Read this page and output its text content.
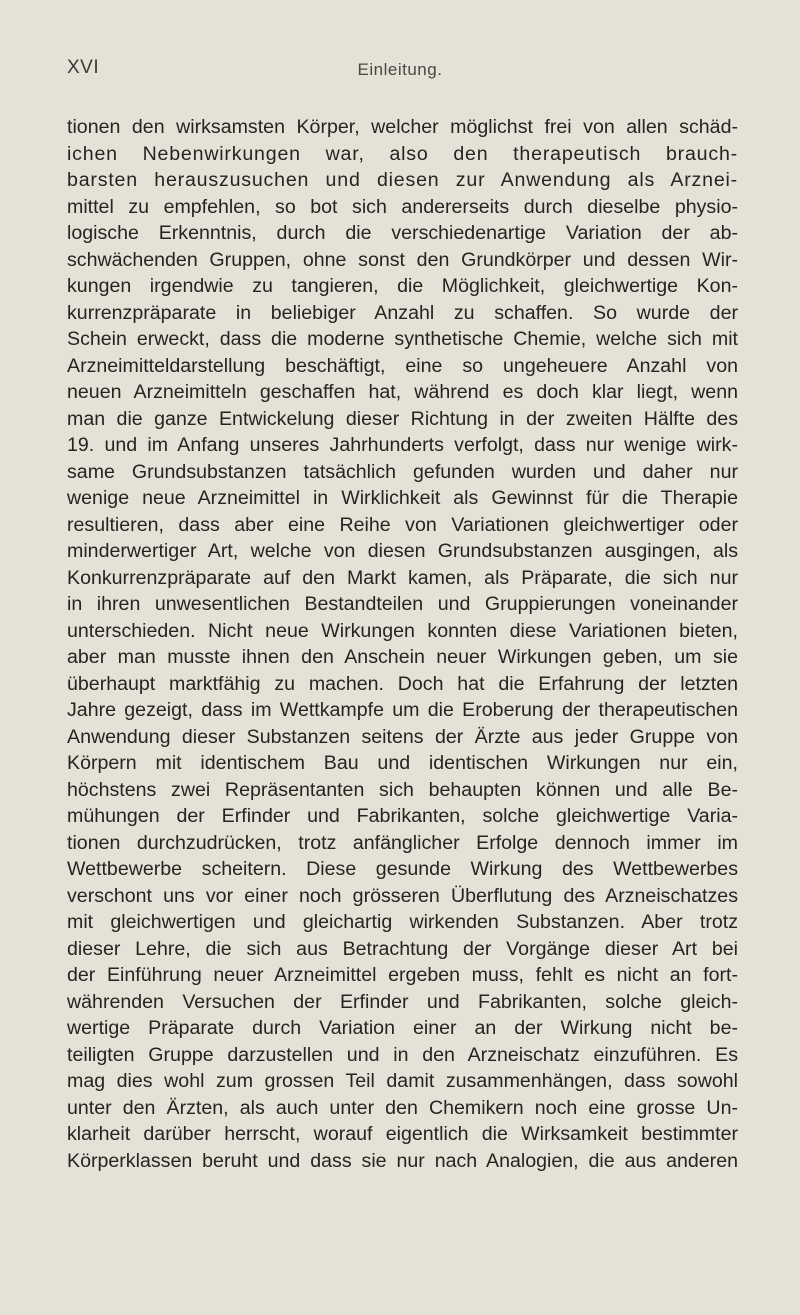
XVI	Einleitung.
tionen den wirksamsten Körper, welcher möglichst frei von allen schäd-
ichen Nebenwirkungen war, also den therapeutisch brauch-
barsten herauszusuchen und diesen zur Anwendung als Arznei-
mittel zu empfehlen, so bot sich andererseits durch dieselbe physio-
logische Erkenntnis, durch die verschiedenartige Variation der ab-
schwächenden Gruppen, ohne sonst den Grundkörper und dessen Wir-
kungen irgendwie zu tangieren, die Möglichkeit, gleichwertige Kon-
kurrenzpräparate in beliebiger Anzahl zu schaffen. So wurde der
Schein erweckt, dass die moderne synthetische Chemie, welche sich mit
Arzneimitteldarstellung beschäftigt, eine so ungeheuere Anzahl von
neuen Arzneimitteln geschaffen hat, während es doch klar liegt, wenn
man die ganze Entwickelung dieser Richtung in der zweiten Hälfte des
19. und im Anfang unseres Jahrhunderts verfolgt, dass nur wenige wirk-
same Grundsubstanzen tatsächlich gefunden wurden und daher nur
wenige neue Arzneimittel in Wirklichkeit als Gewinnst für die Therapie
resultieren, dass aber eine Reihe von Variationen gleichwertiger oder
minderwertiger Art, welche von diesen Grundsubstanzen ausgingen, als
Konkurrenzpräparate auf den Markt kamen, als Präparate, die sich nur
in ihren unwesentlichen Bestandteilen und Gruppierungen voneinander
unterschieden. Nicht neue Wirkungen konnten diese Variationen bieten,
aber man musste ihnen den Anschein neuer Wirkungen geben, um sie
überhaupt marktfähig zu machen. Doch hat die Erfahrung der letzten
Jahre gezeigt, dass im Wettkampfe um die Eroberung der therapeutischen
Anwendung dieser Substanzen seitens der Ärzte aus jeder Gruppe von
Körpern mit identischem Bau und identischen Wirkungen nur ein,
höchstens zwei Repräsentanten sich behaupten können und alle Be-
mühungen der Erfinder und Fabrikanten, solche gleichwertige Varia-
tionen durchzudrücken, trotz anfänglicher Erfolge dennoch immer im
Wettbewerbe scheitern. Diese gesunde Wirkung des Wettbewerbes
verschont uns vor einer noch grösseren Überflutung des Arzneischatzes
mit gleichwertigen und gleichartig wirkenden Substanzen. Aber trotz
dieser Lehre, die sich aus Betrachtung der Vorgänge dieser Art bei
der Einführung neuer Arzneimittel ergeben muss, fehlt es nicht an fort-
währenden Versuchen der Erfinder und Fabrikanten, solche gleich-
wertige Präparate durch Variation einer an der Wirkung nicht be-
teiligten Gruppe darzustellen und in den Arzneischatz einzuführen. Es
mag dies wohl zum grossen Teil damit zusammenhängen, dass sowohl
unter den Ärzten, als auch unter den Chemikern noch eine grosse Un-
klarheit darüber herrscht, worauf eigentlich die Wirksamkeit bestimmter
Körperklassen beruht und dass sie nur nach Analogien, die aus anderen
